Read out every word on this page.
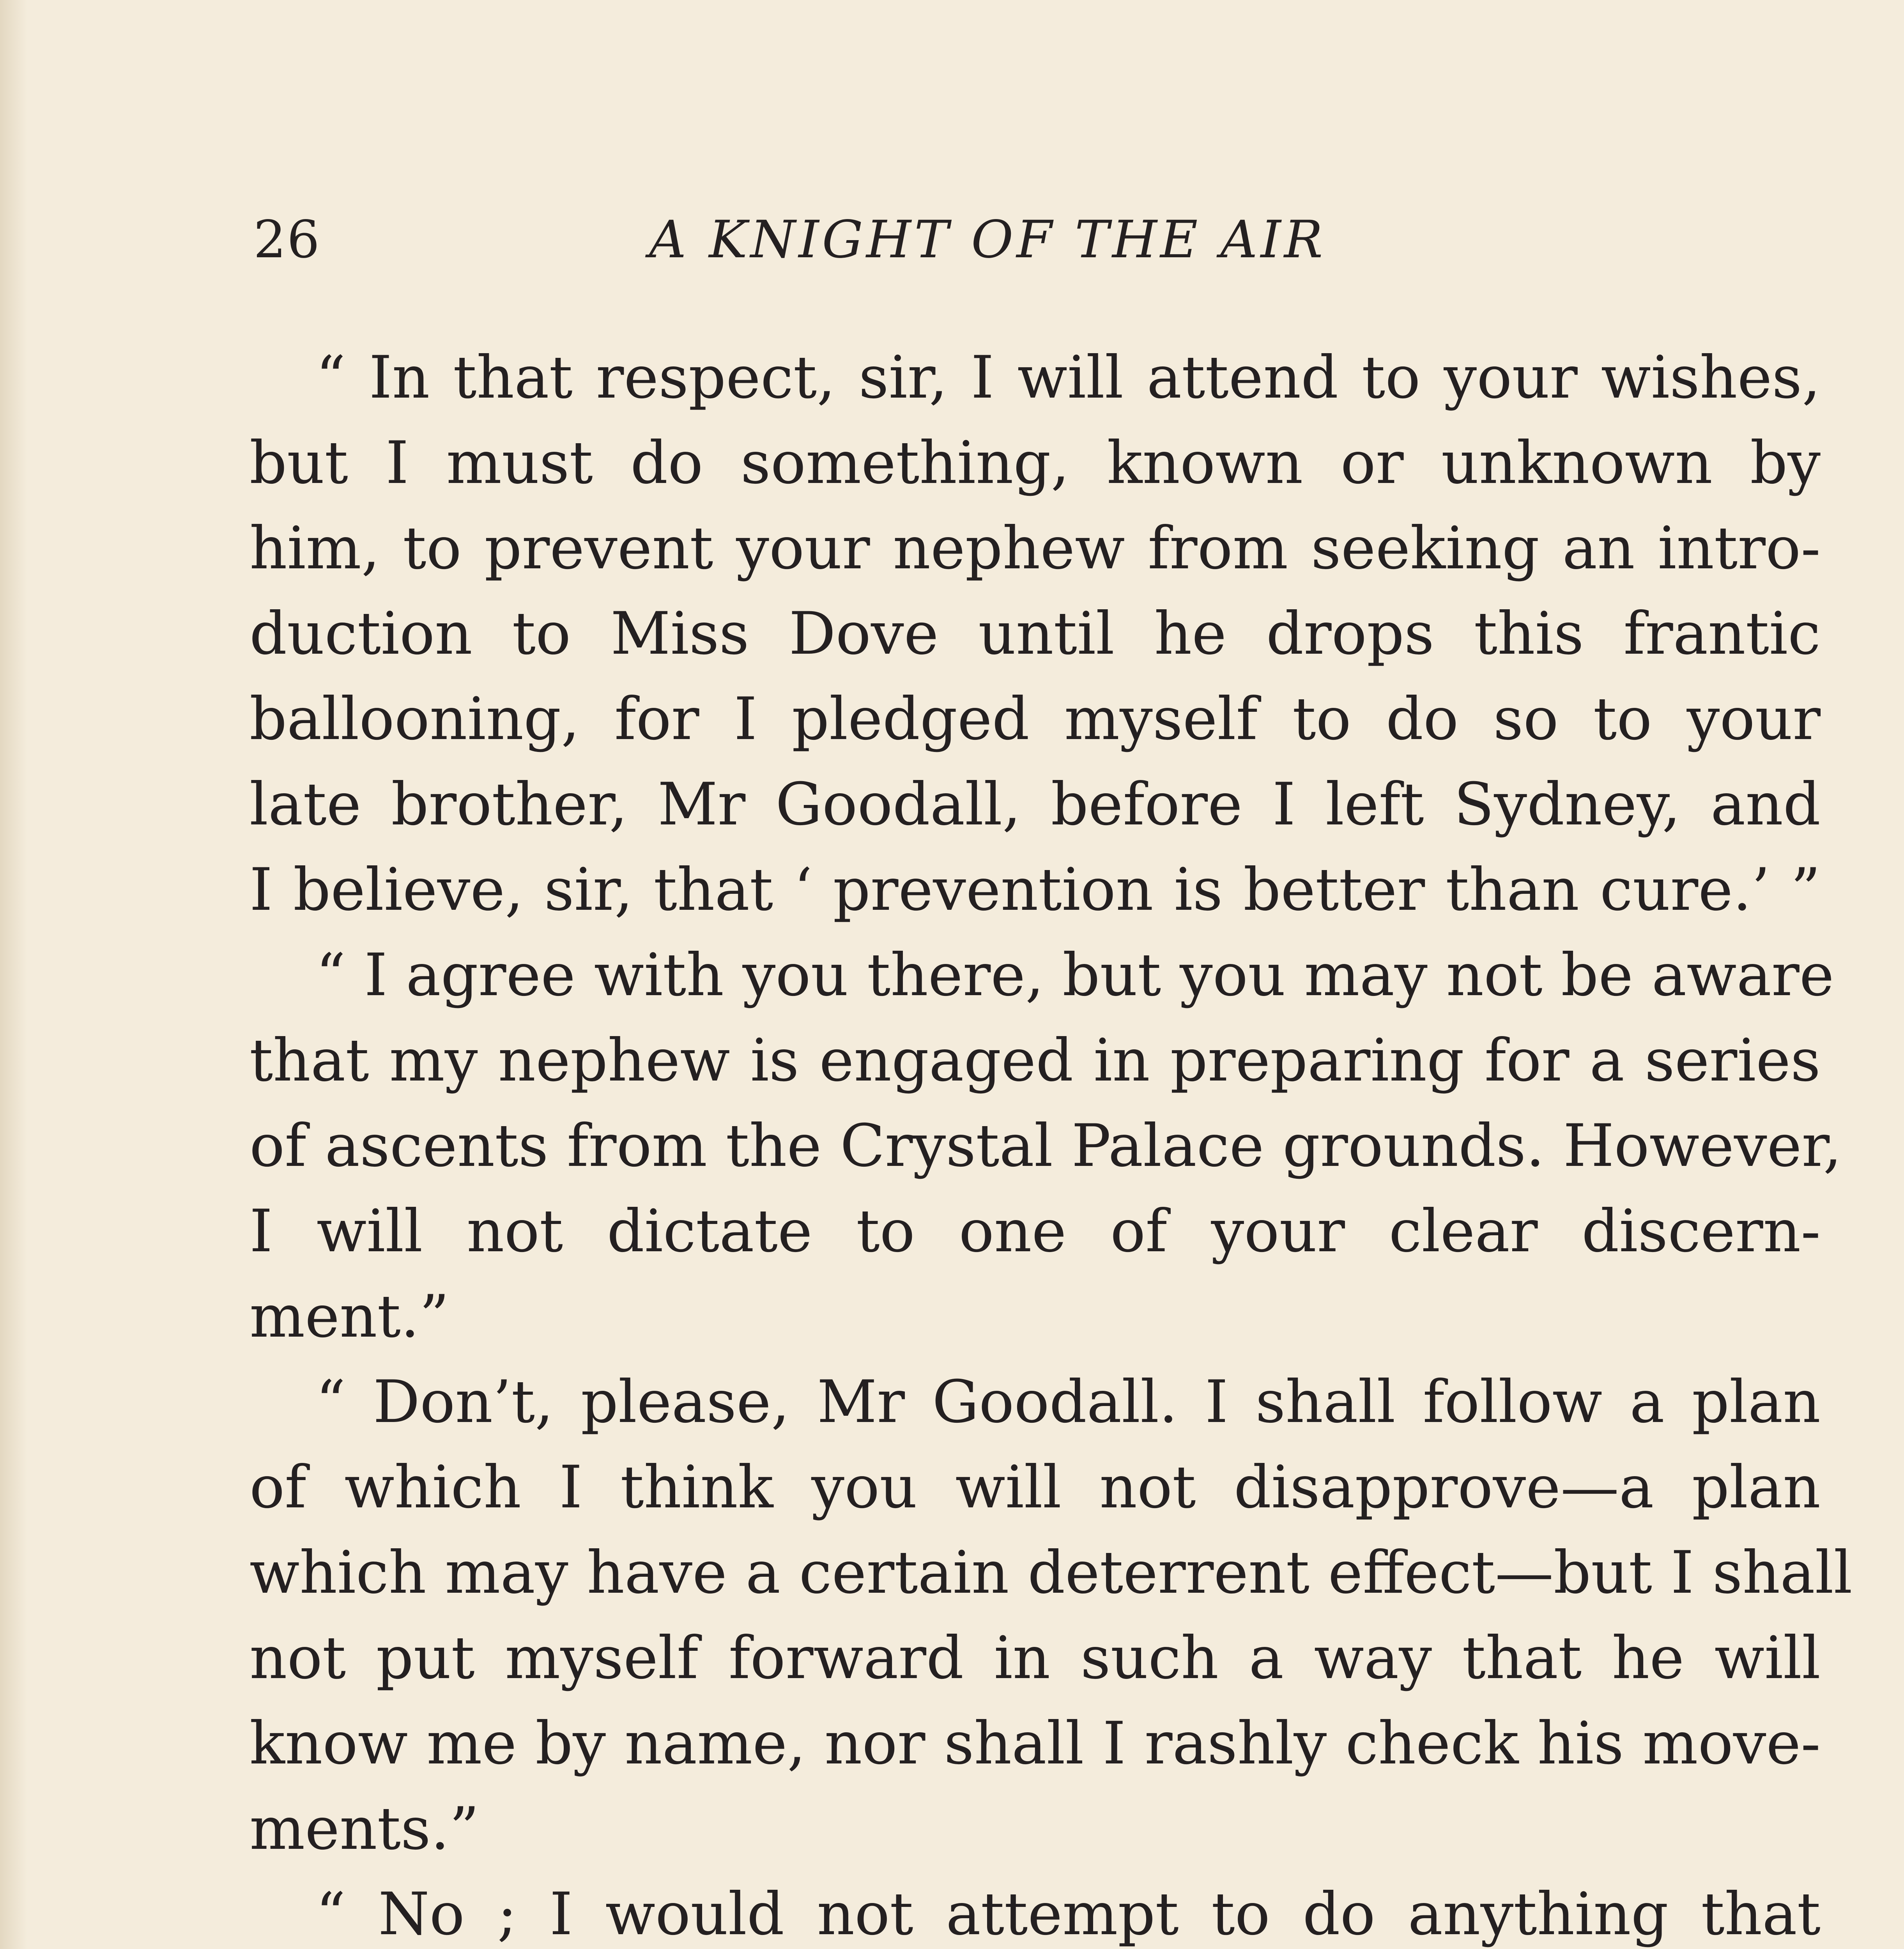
26	A KNIGHT OF THE AIR
“ In that respect, sir, I will attend to your wishes,
but I must do something, known or unknown by
him, to prevent your nephew from seeking an intro-
duction to Miss Dove until he drops this frantic
ballooning, for I pledged myself to do so to your
late brother, Mr Goodall, before I left Sydney, and
I believe, sir, that ‘ prevention is better than cure.’ ”
“ I agree with you there, but you may not be aware
that my nephew is engaged in preparing for a series
of ascents from the Crystal Palace grounds. However,
I will not dictate to one of your clear discern-
ment.”
“ Don’t, please, Mr Goodall. I shall follow a plan
of which I think you will not disapprove—a plan
which may have a certain deterrent effect—but I shall
not put myself forward in such a way that he will
know me by name, nor shall I rashly check his move-
ments.”
“ No ; I would not attempt to do anything that
